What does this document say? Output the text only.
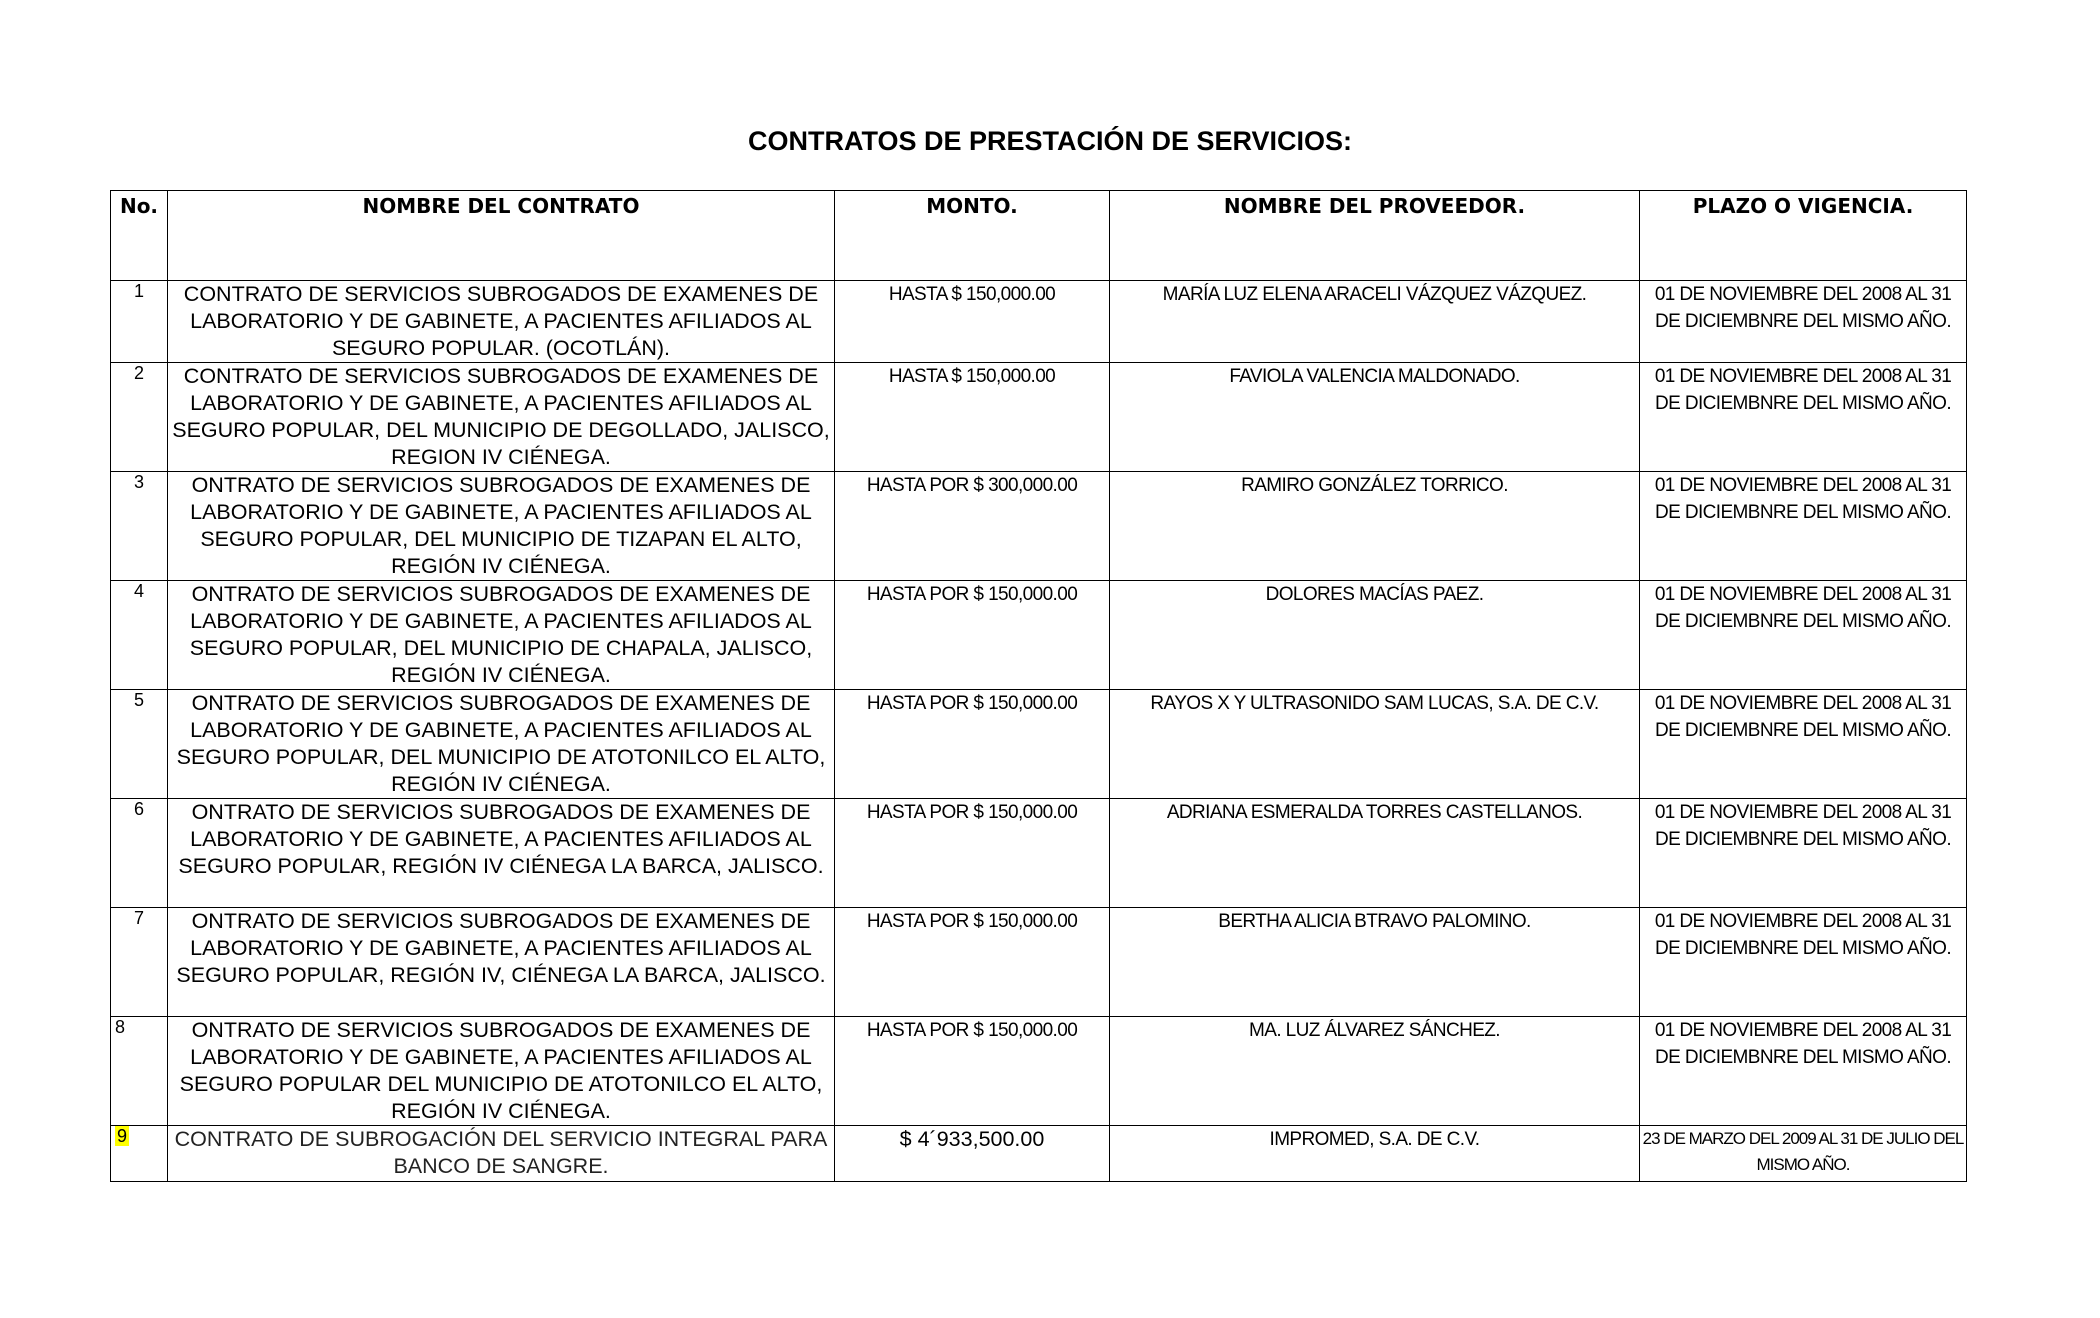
CONTRATOS DE PRESTACIÓN DE SERVICIOS:
No.	NOMBRE DEL CONTRATO	MONTO.	NOMBRE DEL PROVEEDOR.	PLAZO O VIGENCIA.
1	CONTRATO DE SERVICIOS SUBROGADOS DE EXAMENES DE LABORATORIO Y DE GABINETE, A PACIENTES AFILIADOS AL SEGURO POPULAR. (OCOTLÁN).	HASTA $ 150,000.00	MARÍA LUZ ELENA ARACELI VÁZQUEZ VÁZQUEZ.	01 DE NOVIEMBRE DEL 2008 AL 31 DE DICIEMBNRE DEL MISMO AÑO.
2	CONTRATO DE SERVICIOS SUBROGADOS DE EXAMENES DE LABORATORIO Y DE GABINETE, A PACIENTES AFILIADOS AL SEGURO POPULAR, DEL MUNICIPIO DE DEGOLLADO, JALISCO, REGION IV CIÉNEGA.	HASTA $ 150,000.00	FAVIOLA VALENCIA MALDONADO.	01 DE NOVIEMBRE DEL 2008 AL 31 DE DICIEMBNRE DEL MISMO AÑO.
3	ONTRATO DE SERVICIOS SUBROGADOS DE EXAMENES DE LABORATORIO Y DE GABINETE, A PACIENTES AFILIADOS AL SEGURO POPULAR, DEL MUNICIPIO DE TIZAPAN EL ALTO, REGIÓN IV CIÉNEGA.	HASTA POR $ 300,000.00	RAMIRO GONZÁLEZ TORRICO.	01 DE NOVIEMBRE DEL 2008 AL 31 DE DICIEMBNRE DEL MISMO AÑO.
4	ONTRATO DE SERVICIOS SUBROGADOS DE EXAMENES DE LABORATORIO Y DE GABINETE, A PACIENTES AFILIADOS AL SEGURO POPULAR, DEL MUNICIPIO DE CHAPALA, JALISCO, REGIÓN IV CIÉNEGA.	HASTA POR $ 150,000.00	DOLORES MACÍAS PAEZ.	01 DE NOVIEMBRE DEL 2008 AL 31 DE DICIEMBNRE DEL MISMO AÑO.
5	ONTRATO DE SERVICIOS SUBROGADOS DE EXAMENES DE LABORATORIO Y DE GABINETE, A PACIENTES AFILIADOS AL SEGURO POPULAR, DEL MUNICIPIO DE ATOTONILCO EL ALTO, REGIÓN IV CIÉNEGA.	HASTA POR $ 150,000.00	RAYOS X Y ULTRASONIDO SAM LUCAS, S.A. DE C.V.	01 DE NOVIEMBRE DEL 2008 AL 31 DE DICIEMBNRE DEL MISMO AÑO.
6	ONTRATO DE SERVICIOS SUBROGADOS DE EXAMENES DE LABORATORIO Y DE GABINETE, A PACIENTES AFILIADOS AL SEGURO POPULAR, REGIÓN IV CIÉNEGA LA BARCA, JALISCO.	HASTA POR $ 150,000.00	ADRIANA ESMERALDA TORRES CASTELLANOS.	01 DE NOVIEMBRE DEL 2008 AL 31 DE DICIEMBNRE DEL MISMO AÑO.
7	ONTRATO DE SERVICIOS SUBROGADOS DE EXAMENES DE LABORATORIO Y DE GABINETE, A PACIENTES AFILIADOS AL SEGURO POPULAR, REGIÓN IV, CIÉNEGA LA BARCA, JALISCO.	HASTA POR $ 150,000.00	BERTHA ALICIA BTRAVO PALOMINO.	01 DE NOVIEMBRE DEL 2008 AL 31 DE DICIEMBNRE DEL MISMO AÑO.
8	ONTRATO DE SERVICIOS SUBROGADOS DE EXAMENES DE LABORATORIO Y DE GABINETE, A PACIENTES AFILIADOS AL SEGURO POPULAR DEL MUNICIPIO DE ATOTONILCO EL ALTO, REGIÓN IV CIÉNEGA.	HASTA POR $ 150,000.00	MA. LUZ ÁLVAREZ SÁNCHEZ.	01 DE NOVIEMBRE DEL 2008 AL 31 DE DICIEMBNRE DEL MISMO AÑO.
9	CONTRATO DE SUBROGACIÓN DEL SERVICIO INTEGRAL PARA BANCO DE SANGRE.	$ 4´933,500.00	IMPROMED, S.A. DE C.V.	23 DE MARZO DEL 2009 AL 31 DE JULIO DEL MISMO AÑO.
